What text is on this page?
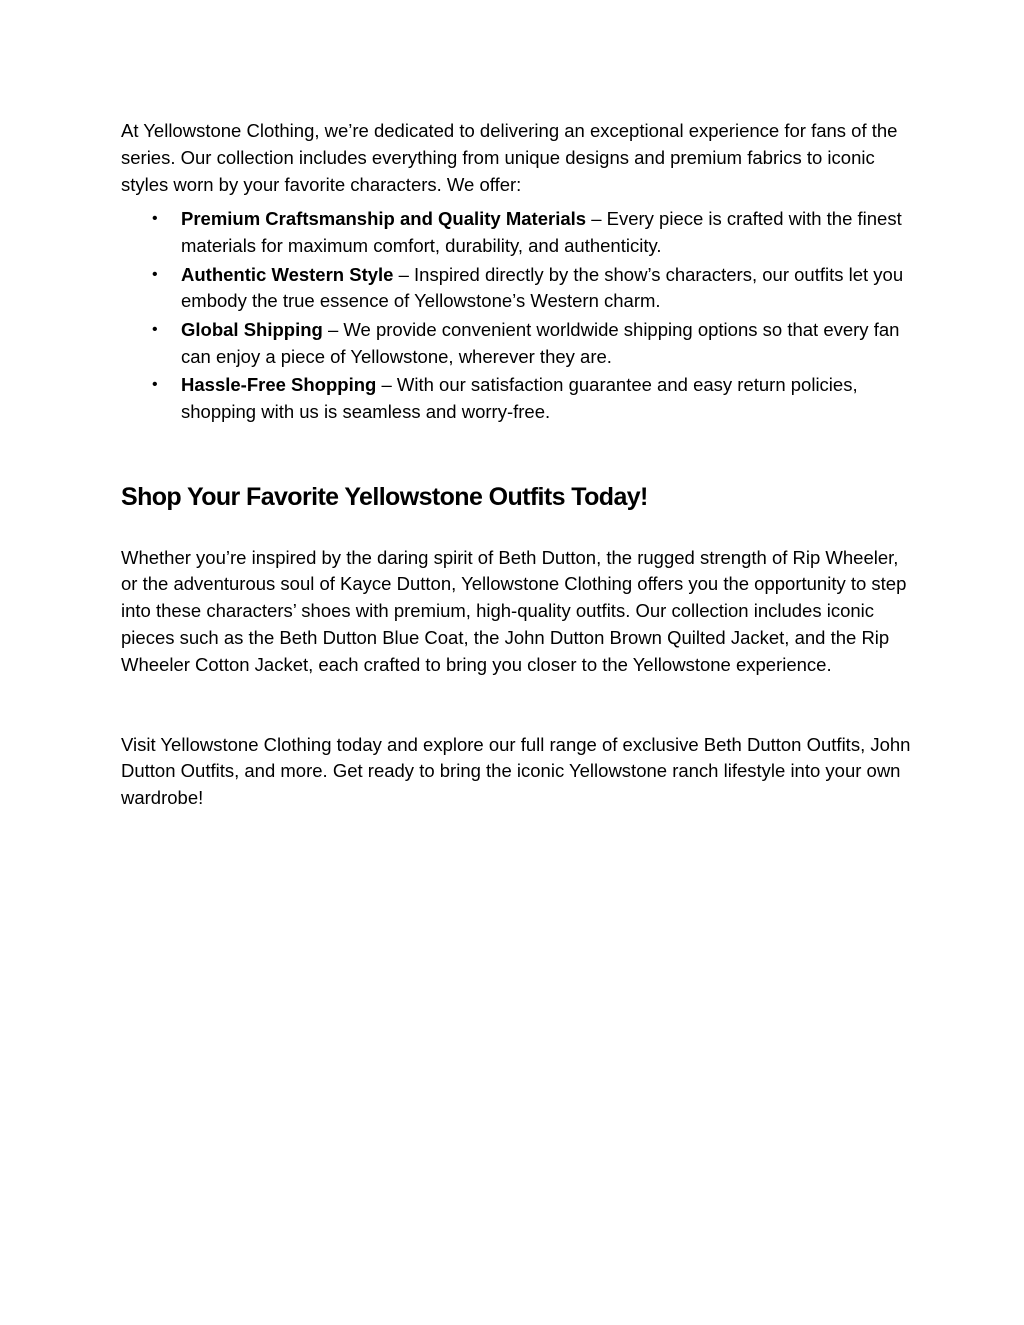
At Yellowstone Clothing, we’re dedicated to delivering an exceptional experience for fans of the series. Our collection includes everything from unique designs and premium fabrics to iconic styles worn by your favorite characters. We offer:

• Premium Craftsmanship and Quality Materials – Every piece is crafted with the finest materials for maximum comfort, durability, and authenticity.
• Authentic Western Style – Inspired directly by the show’s characters, our outfits let you embody the true essence of Yellowstone’s Western charm.
• Global Shipping – We provide convenient worldwide shipping options so that every fan can enjoy a piece of Yellowstone, wherever they are.
• Hassle-Free Shopping – With our satisfaction guarantee and easy return policies, shopping with us is seamless and worry-free.
Shop Your Favorite Yellowstone Outfits Today!

Whether you’re inspired by the daring spirit of Beth Dutton, the rugged strength of Rip Wheeler, or the adventurous soul of Kayce Dutton, Yellowstone Clothing offers you the opportunity to step into these characters’ shoes with premium, high-quality outfits. Our collection includes iconic pieces such as the Beth Dutton Blue Coat, the John Dutton Brown Quilted Jacket, and the Rip Wheeler Cotton Jacket, each crafted to bring you closer to the Yellowstone experience.

Visit Yellowstone Clothing today and explore our full range of exclusive Beth Dutton Outfits, John Dutton Outfits, and more. Get ready to bring the iconic Yellowstone ranch lifestyle into your own wardrobe!
